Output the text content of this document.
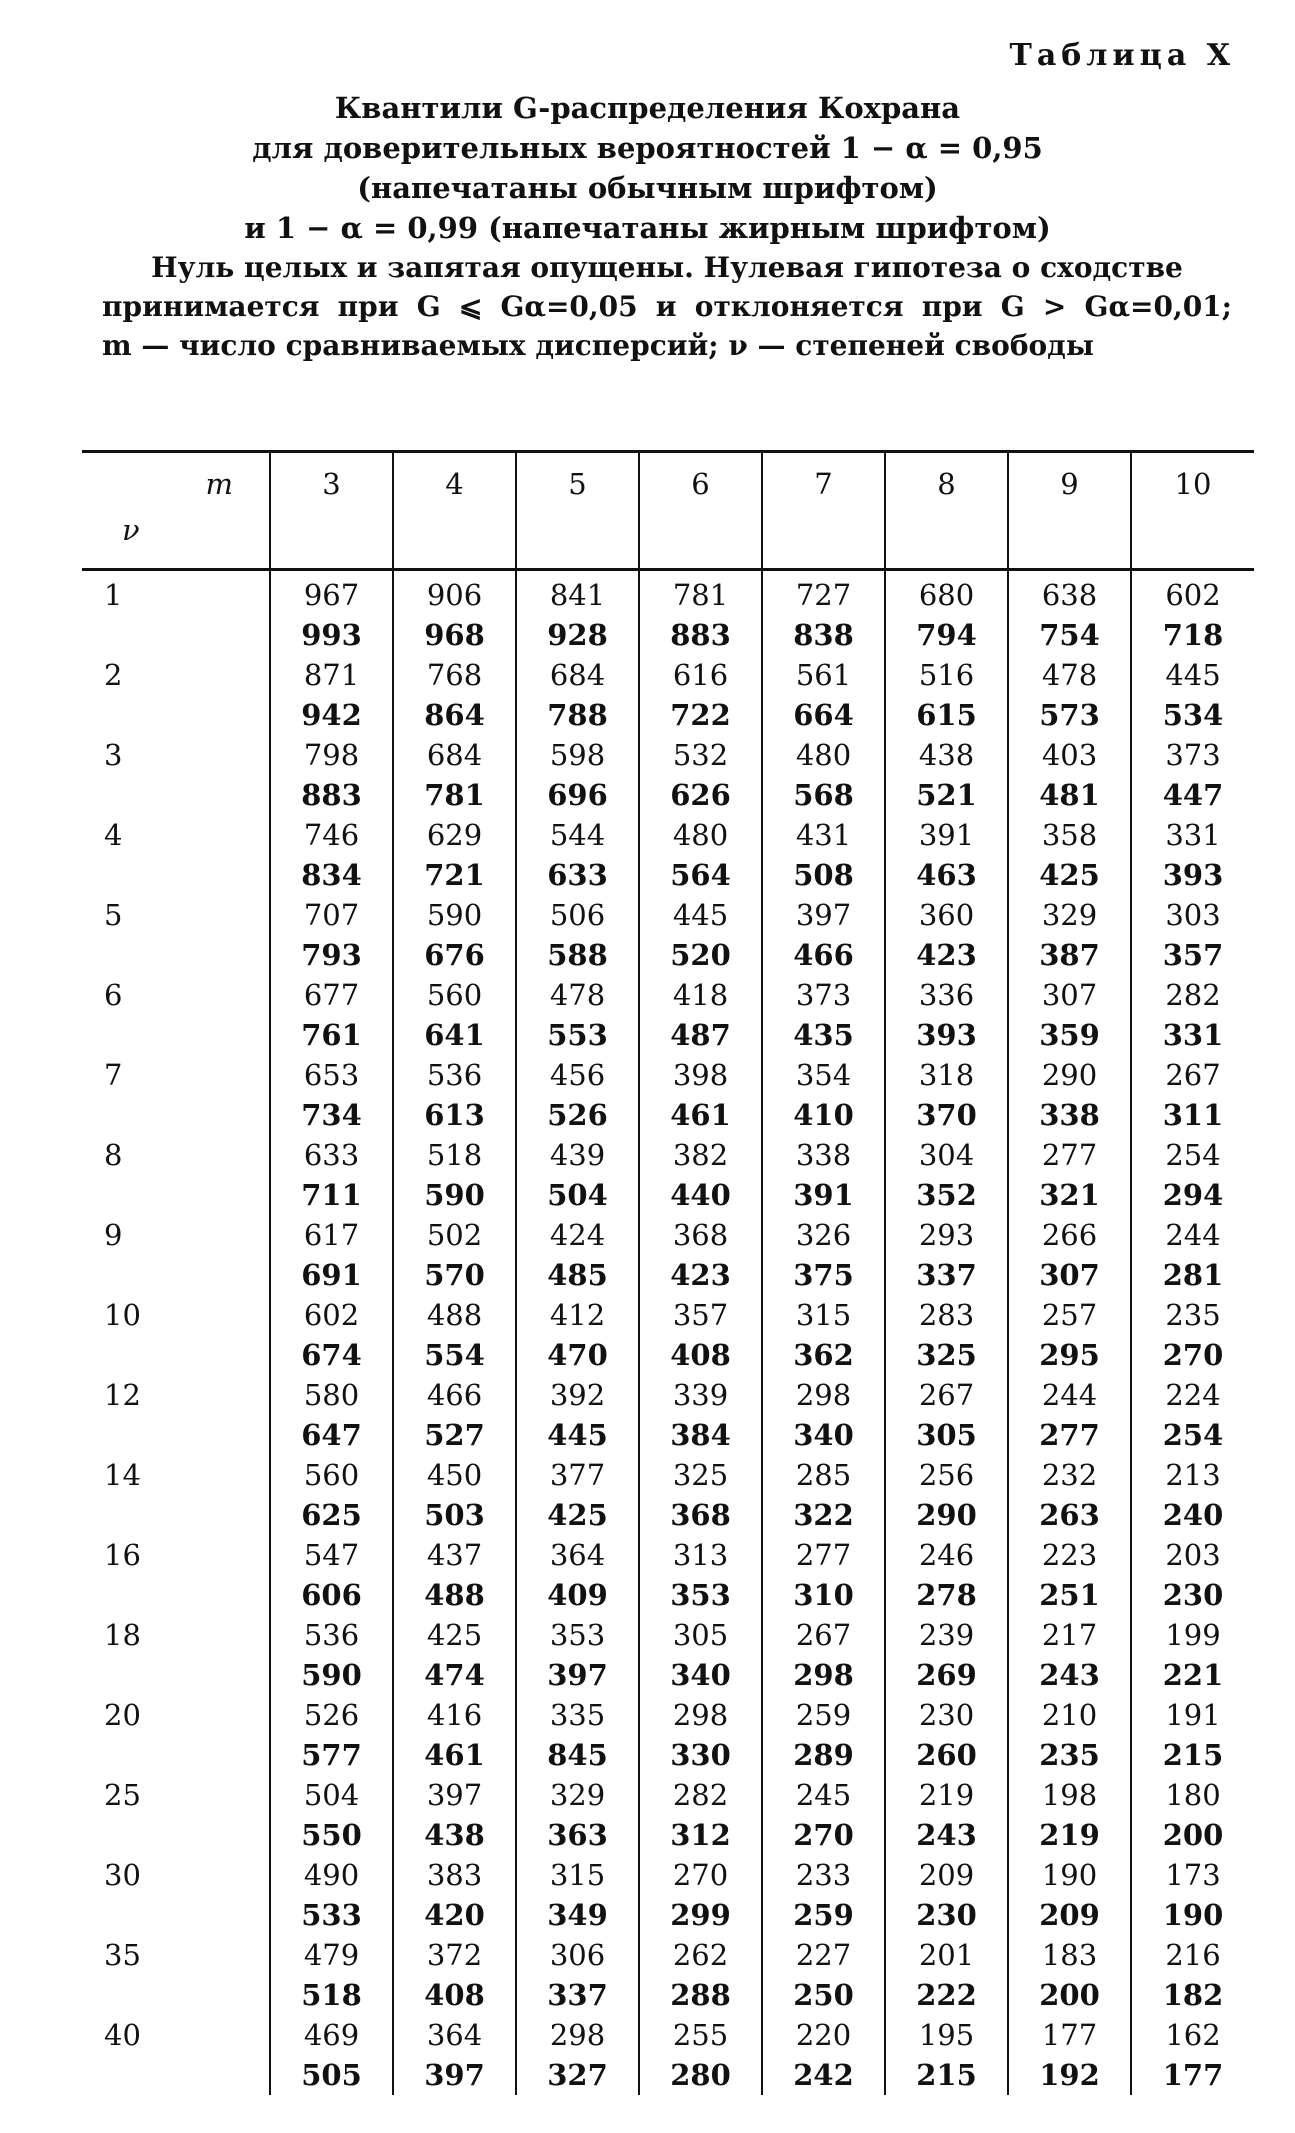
Таблица X
Квантили G-распределения Кохрана
для доверительных вероятностей 1 − α = 0,95
(напечатаны обычным шрифтом)
и 1 − α = 0,99 (напечатаны жирным шрифтом)
Нуль целых и запятая опущены. Нулевая гипотеза о сходстве
принимается при G ⩽ Gα=0,05 и отклоняется при G > Gα=0,01;
m — число сравниваемых дисперсий; ν — степеней свободы
m
ν	3	4	5	6	7	8	9	10
1	967	906	841	781	727	680	638	602
	993	968	928	883	838	794	754	718
2	871	768	684	616	561	516	478	445
	942	864	788	722	664	615	573	534
3	798	684	598	532	480	438	403	373
	883	781	696	626	568	521	481	447
4	746	629	544	480	431	391	358	331
	834	721	633	564	508	463	425	393
5	707	590	506	445	397	360	329	303
	793	676	588	520	466	423	387	357
6	677	560	478	418	373	336	307	282
	761	641	553	487	435	393	359	331
7	653	536	456	398	354	318	290	267
	734	613	526	461	410	370	338	311
8	633	518	439	382	338	304	277	254
	711	590	504	440	391	352	321	294
9	617	502	424	368	326	293	266	244
	691	570	485	423	375	337	307	281
10	602	488	412	357	315	283	257	235
	674	554	470	408	362	325	295	270
12	580	466	392	339	298	267	244	224
	647	527	445	384	340	305	277	254
14	560	450	377	325	285	256	232	213
	625	503	425	368	322	290	263	240
16	547	437	364	313	277	246	223	203
	606	488	409	353	310	278	251	230
18	536	425	353	305	267	239	217	199
	590	474	397	340	298	269	243	221
20	526	416	335	298	259	230	210	191
	577	461	845	330	289	260	235	215
25	504	397	329	282	245	219	198	180
	550	438	363	312	270	243	219	200
30	490	383	315	270	233	209	190	173
	533	420	349	299	259	230	209	190
35	479	372	306	262	227	201	183	216
	518	408	337	288	250	222	200	182
40	469	364	298	255	220	195	177	162
	505	397	327	280	242	215	192	177
